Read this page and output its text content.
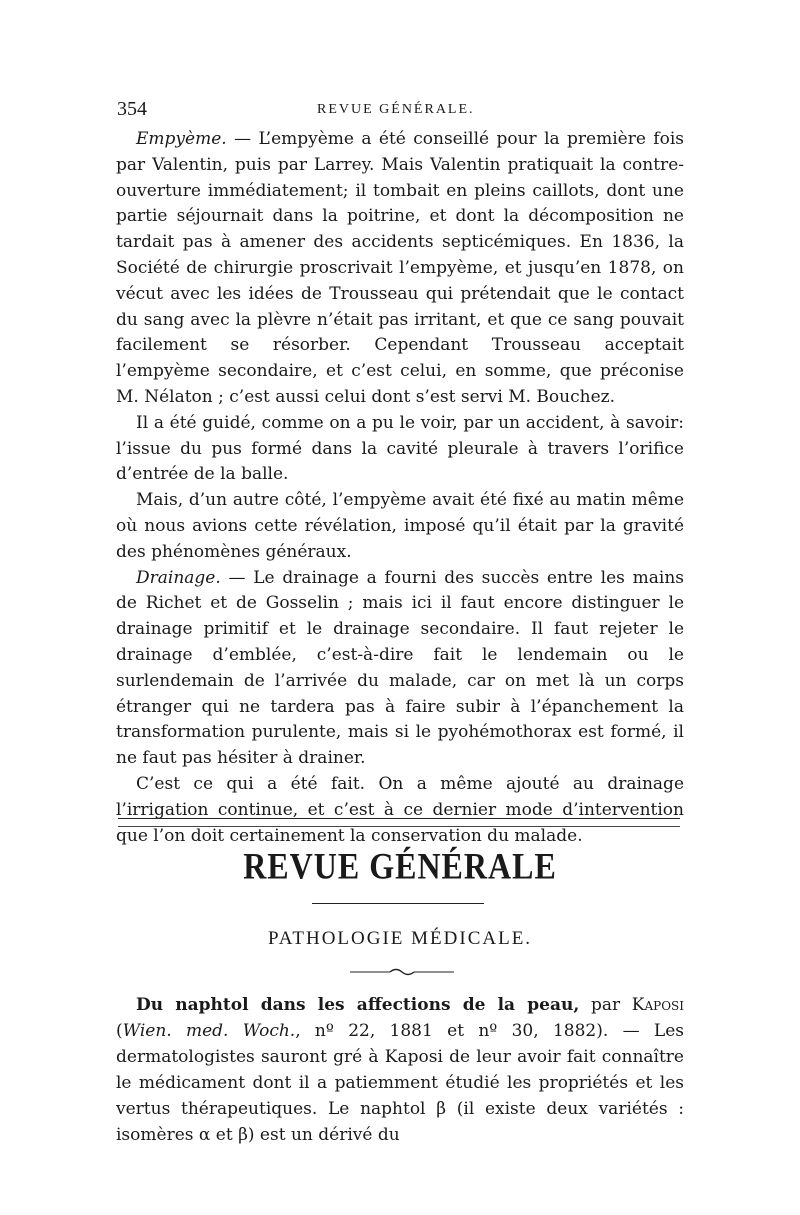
354	REVUE GÉNÉRALE.

Empyème. — L’empyème a été conseillé pour la première fois par Valentin, puis par Larrey. Mais Valentin pratiquait la contre-ouverture immédiatement; il tombait en pleins caillots, dont une partie séjournait dans la poitrine, et dont la décomposition ne tardait pas à amener des accidents septicémiques. En 1836, la Société de chirurgie proscrivait l’empyème, et jusqu’en 1878, on vécut avec les idées de Trousseau qui prétendait que le contact du sang avec la plèvre n’était pas irritant, et que ce sang pouvait facilement se résorber. Cependant Trousseau acceptait l’empyème secondaire, et c’est celui, en somme, que préconise M. Nélaton ; c’est aussi celui dont s’est servi M. Bouchez.

Il a été guidé, comme on a pu le voir, par un accident, à savoir: l’issue du pus formé dans la cavité pleurale à travers l’orifice d’entrée de la balle.

Mais, d’un autre côté, l’empyème avait été fixé au matin même où nous avions cette révélation, imposé qu’il était par la gravité des phénomènes généraux.

Drainage. — Le drainage a fourni des succès entre les mains de Richet et de Gosselin ; mais ici il faut encore distinguer le drainage primitif et le drainage secondaire. Il faut rejeter le drainage d’emblée, c’est-à-dire fait le lendemain ou le surlendemain de l’arrivée du malade, car on met là un corps étranger qui ne tardera pas à faire subir à l’épanchement la transformation purulente, mais si le pyohémothorax est formé, il ne faut pas hésiter à drainer.

C’est ce qui a été fait. On a même ajouté au drainage l’irrigation continue, et c’est à ce dernier mode d’intervention que l’on doit certainement la conservation du malade.

REVUE GÉNÉRALE
PATHOLOGIE MÉDICALE.

Du naphtol dans les affections de la peau, par Kaposi (Wien. med. Woch., nº 22, 1881 et nº 30, 1882). — Les dermatologistes sauront gré à Kaposi de leur avoir fait connaître le médicament dont il a patiemment étudié les propriétés et les vertus thérapeutiques. Le naphtol β (il existe deux variétés : isomères α et β) est un dérivé du
